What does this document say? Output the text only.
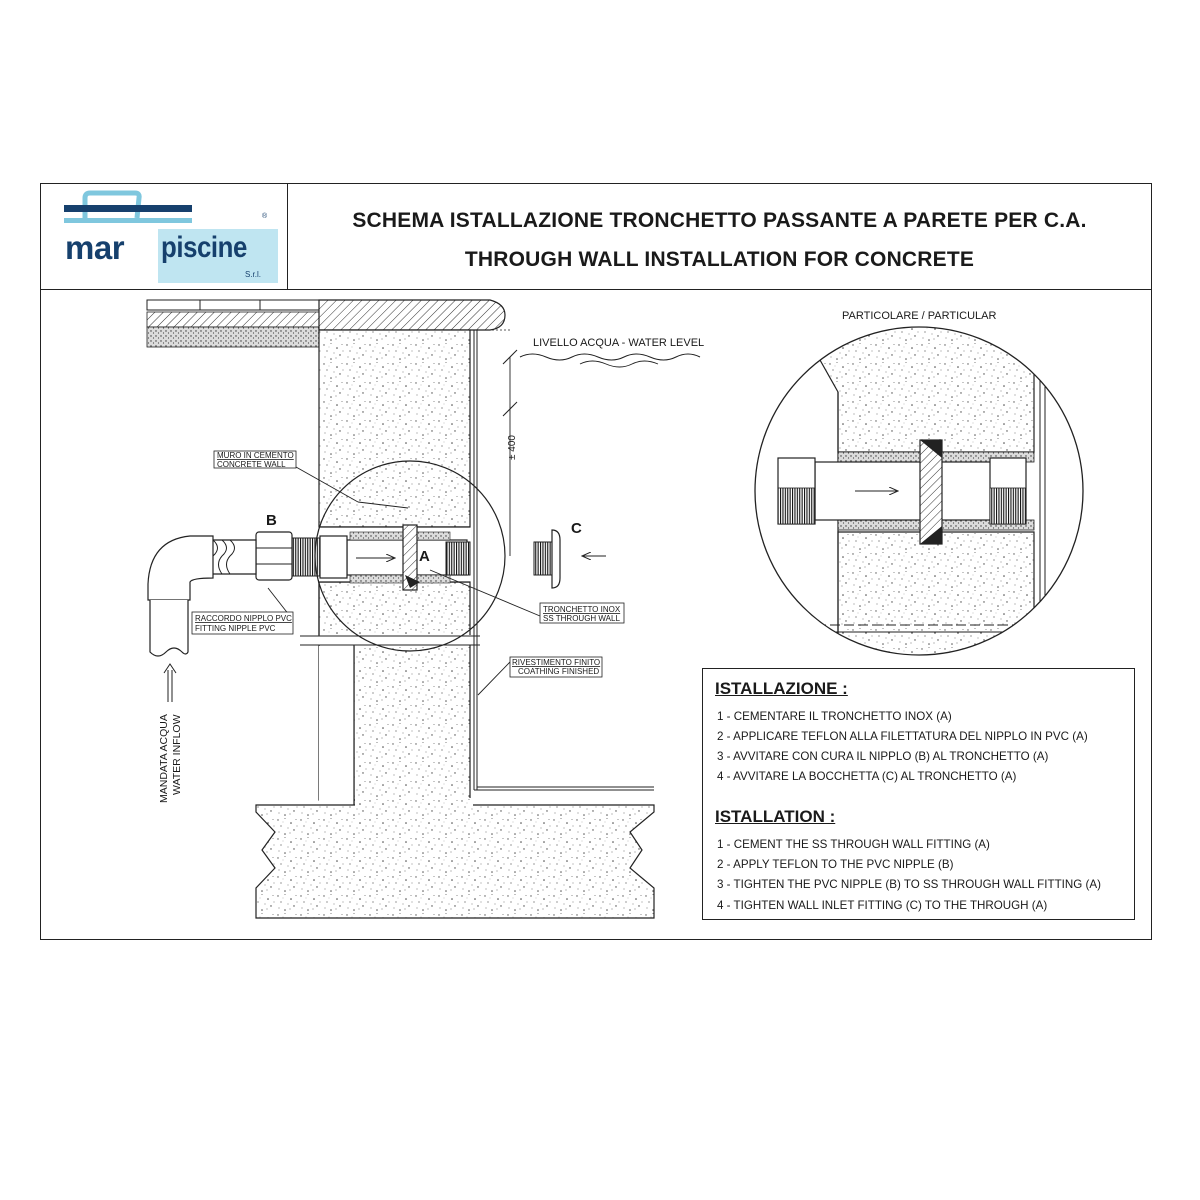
LIVELLO ACQUA - WATER LEVEL
± 400
MURO IN CEMENTO
CONCRETE WALL
TRONCHETTO INOX
SS THROUGH WALL
RACCORDO NIPPLO PVC
FITTING NIPPLE PVC
RIVESTIMENTO FINITO
COATHING FINISHED
MANDATA ACQUA WATER INFLOW
A
B	C
PARTICOLARE / PARTICULAR
®
mar piscine
S.r.l.
SCHEMA ISTALLAZIONE TRONCHETTO PASSANTE A PARETE PER C.A.
THROUGH WALL INSTALLATION FOR CONCRETE
ISTALLAZIONE :
1 - CEMENTARE IL TRONCHETTO INOX (A)
2 - APPLICARE TEFLON ALLA FILETTATURA DEL NIPPLO IN PVC (A)
3 - AVVITARE CON CURA IL NIPPLO (B) AL TRONCHETTO (A)
4 - AVVITARE LA BOCCHETTA (C) AL TRONCHETTO (A)
ISTALLATION :
1 - CEMENT THE SS THROUGH WALL FITTING (A)
2 - APPLY TEFLON TO THE PVC NIPPLE (B)
3 - TIGHTEN THE PVC NIPPLE (B) TO SS THROUGH WALL FITTING (A)
4 - TIGHTEN WALL INLET FITTING (C) TO THE THROUGH (A)
